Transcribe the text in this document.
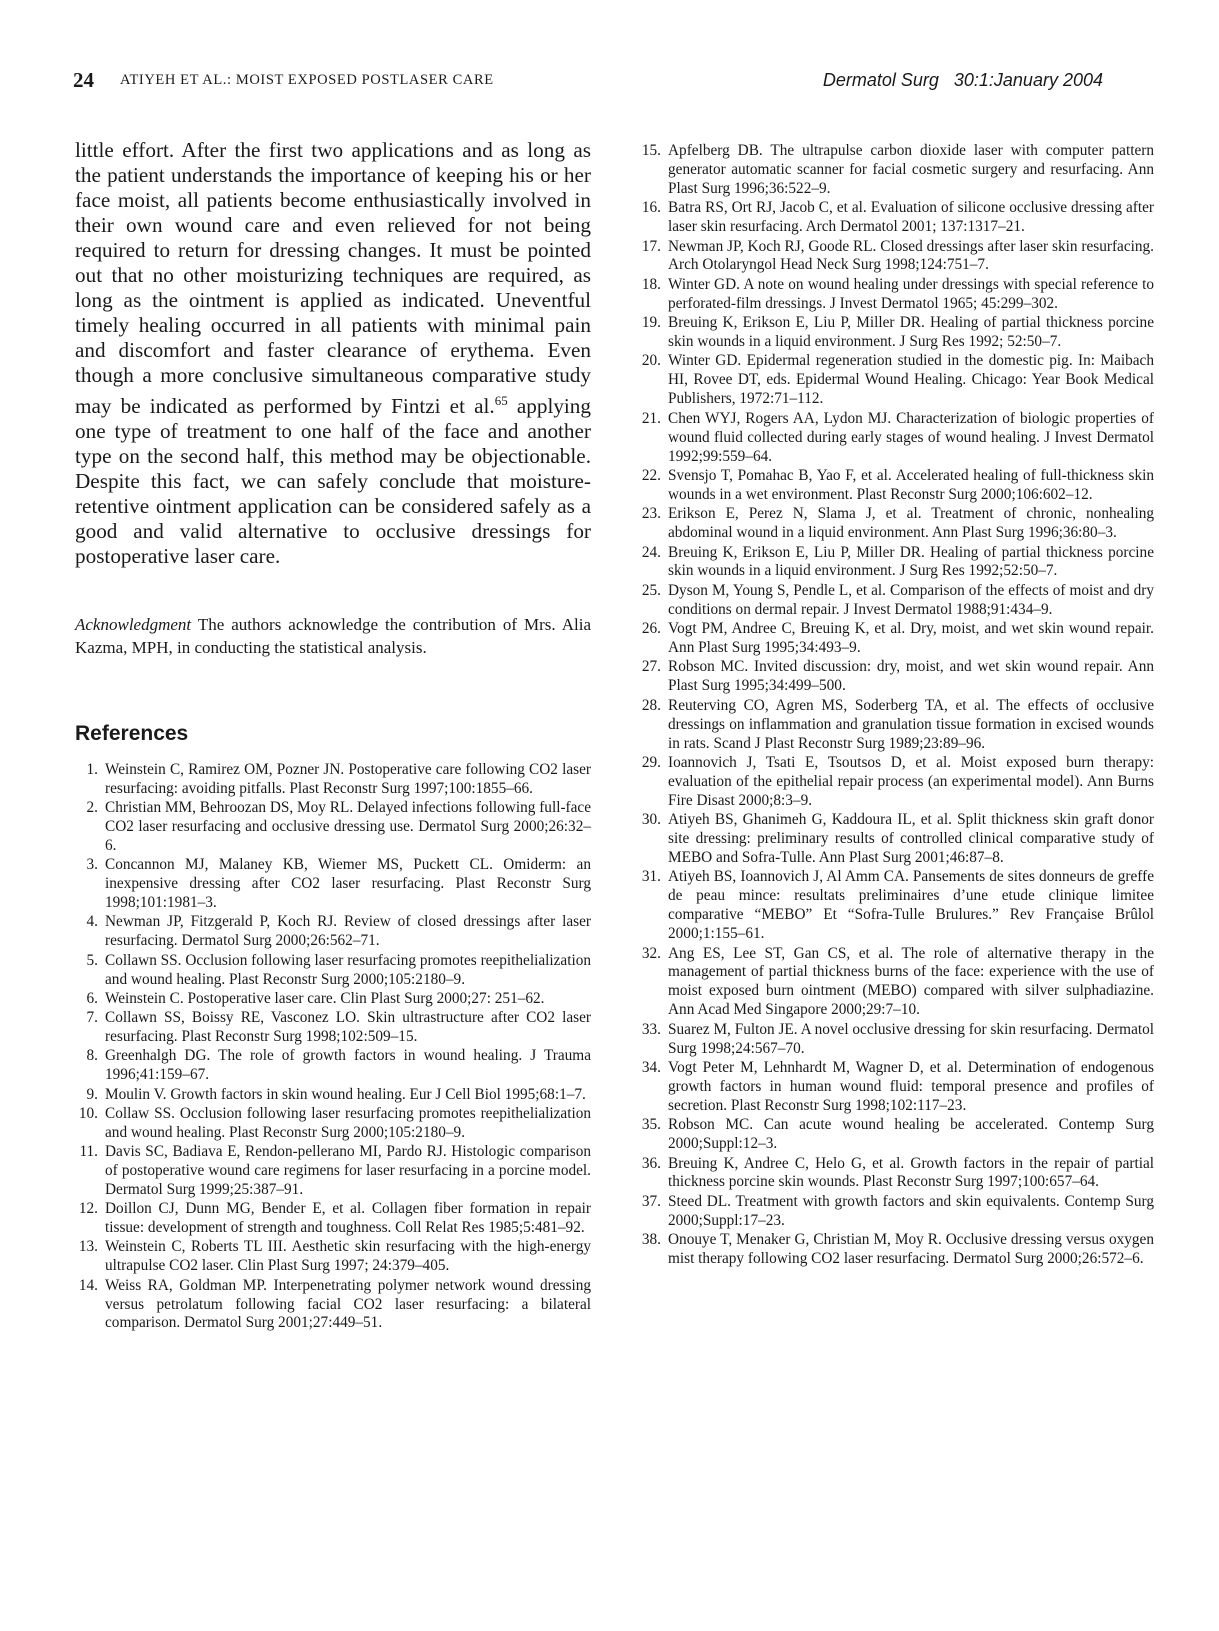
24 ATIYEH ET AL.: MOIST EXPOSED POSTLASER CARE	Dermatol Surg   30:1:January 2004

little effort. After the first two applications and as long as the patient understands the importance of keeping his or her face moist, all patients become enthusiastically involved in their own wound care and even relieved for not being required to return for dressing changes. It must be pointed out that no other moisturizing techniques are required, as long as the ointment is applied as indicated. Uneventful timely healing occurred in all patients with minimal pain and discomfort and faster clearance of erythema. Even though a more conclusive simultaneous comparative study may be indicated as performed by Fintzi et al.$^{65}$ applying one type of treatment to one half of the face and another type on the second half, this method may be objectionable. Despite this fact, we can safely conclude that moisture-retentive ointment application can be considered safely as a good and valid alternative to occlusive dressings for postoperative laser care.

Acknowledgment The authors acknowledge the contribution of Mrs. Alia Kazma, MPH, in conducting the statistical analysis.

References
1. Weinstein C, Ramirez OM, Pozner JN. Postoperative care following CO2 laser resurfacing: avoiding pitfalls. Plast Reconstr Surg 1997;100:1855–66.
2. Christian MM, Behroozan DS, Moy RL. Delayed infections following full-face CO2 laser resurfacing and occlusive dressing use. Dermatol Surg 2000;26:32–6.
3. Concannon MJ, Malaney KB, Wiemer MS, Puckett CL. Omiderm: an inexpensive dressing after CO2 laser resurfacing. Plast Reconstr Surg 1998;101:1981–3.
4. Newman JP, Fitzgerald P, Koch RJ. Review of closed dressings after laser resurfacing. Dermatol Surg 2000;26:562–71.
5. Collawn SS. Occlusion following laser resurfacing promotes reepithelialization and wound healing. Plast Reconstr Surg 2000;105:2180–9.
6. Weinstein C. Postoperative laser care. Clin Plast Surg 2000;27: 251–62.
7. Collawn SS, Boissy RE, Vasconez LO. Skin ultrastructure after CO2 laser resurfacing. Plast Reconstr Surg 1998;102:509–15.
8. Greenhalgh DG. The role of growth factors in wound healing. J Trauma 1996;41:159–67.
9. Moulin V. Growth factors in skin wound healing. Eur J Cell Biol 1995;68:1–7.
10. Collaw SS. Occlusion following laser resurfacing promotes reepithelialization and wound healing. Plast Reconstr Surg 2000;105:2180–9.
11. Davis SC, Badiava E, Rendon-pellerano MI, Pardo RJ. Histologic comparison of postoperative wound care regimens for laser resurfacing in a porcine model. Dermatol Surg 1999;25:387–91.
12. Doillon CJ, Dunn MG, Bender E, et al. Collagen fiber formation in repair tissue: development of strength and toughness. Coll Relat Res 1985;5:481–92.
13. Weinstein C, Roberts TL III. Aesthetic skin resurfacing with the high-energy ultrapulse CO2 laser. Clin Plast Surg 1997; 24:379–405.
14. Weiss RA, Goldman MP. Interpenetrating polymer network wound dressing versus petrolatum following facial CO2 laser resurfacing: a bilateral comparison. Dermatol Surg 2001;27:449–51.
15. Apfelberg DB. The ultrapulse carbon dioxide laser with computer pattern generator automatic scanner for facial cosmetic surgery and resurfacing. Ann Plast Surg 1996;36:522–9.
16. Batra RS, Ort RJ, Jacob C, et al. Evaluation of silicone occlusive dressing after laser skin resurfacing. Arch Dermatol 2001; 137:1317–21.
17. Newman JP, Koch RJ, Goode RL. Closed dressings after laser skin resurfacing. Arch Otolaryngol Head Neck Surg 1998;124:751–7.
18. Winter GD. A note on wound healing under dressings with special reference to perforated-film dressings. J Invest Dermatol 1965; 45:299–302.
19. Breuing K, Erikson E, Liu P, Miller DR. Healing of partial thickness porcine skin wounds in a liquid environment. J Surg Res 1992; 52:50–7.
20. Winter GD. Epidermal regeneration studied in the domestic pig. In: Maibach HI, Rovee DT, eds. Epidermal Wound Healing. Chicago: Year Book Medical Publishers, 1972:71–112.
21. Chen WYJ, Rogers AA, Lydon MJ. Characterization of biologic properties of wound fluid collected during early stages of wound healing. J Invest Dermatol 1992;99:559–64.
22. Svensjo T, Pomahac B, Yao F, et al. Accelerated healing of full-thickness skin wounds in a wet environment. Plast Reconstr Surg 2000;106:602–12.
23. Erikson E, Perez N, Slama J, et al. Treatment of chronic, nonhealing abdominal wound in a liquid environment. Ann Plast Surg 1996;36:80–3.
24. Breuing K, Erikson E, Liu P, Miller DR. Healing of partial thickness porcine skin wounds in a liquid environment. J Surg Res 1992;52:50–7.
25. Dyson M, Young S, Pendle L, et al. Comparison of the effects of moist and dry conditions on dermal repair. J Invest Dermatol 1988;91:434–9.
26. Vogt PM, Andree C, Breuing K, et al. Dry, moist, and wet skin wound repair. Ann Plast Surg 1995;34:493–9.
27. Robson MC. Invited discussion: dry, moist, and wet skin wound repair. Ann Plast Surg 1995;34:499–500.
28. Reuterving CO, Agren MS, Soderberg TA, et al. The effects of occlusive dressings on inflammation and granulation tissue formation in excised wounds in rats. Scand J Plast Reconstr Surg 1989;23:89–96.
29. Ioannovich J, Tsati E, Tsoutsos D, et al. Moist exposed burn therapy: evaluation of the epithelial repair process (an experimental model). Ann Burns Fire Disast 2000;8:3–9.
30. Atiyeh BS, Ghanimeh G, Kaddoura IL, et al. Split thickness skin graft donor site dressing: preliminary results of controlled clinical comparative study of MEBO and Sofra-Tulle. Ann Plast Surg 2001;46:87–8.
31. Atiyeh BS, Ioannovich J, Al Amm CA. Pansements de sites donneurs de greffe de peau mince: resultats preliminaires d’une etude clinique limitee comparative “MEBO” Et “Sofra-Tulle Brulures.” Rev Française Brûlol 2000;1:155–61.
32. Ang ES, Lee ST, Gan CS, et al. The role of alternative therapy in the management of partial thickness burns of the face: experience with the use of moist exposed burn ointment (MEBO) compared with silver sulphadiazine. Ann Acad Med Singapore 2000;29:7–10.
33. Suarez M, Fulton JE. A novel occlusive dressing for skin resurfacing. Dermatol Surg 1998;24:567–70.
34. Vogt Peter M, Lehnhardt M, Wagner D, et al. Determination of endogenous growth factors in human wound fluid: temporal presence and profiles of secretion. Plast Reconstr Surg 1998;102:117–23.
35. Robson MC. Can acute wound healing be accelerated. Contemp Surg 2000;Suppl:12–3.
36. Breuing K, Andree C, Helo G, et al. Growth factors in the repair of partial thickness porcine skin wounds. Plast Reconstr Surg 1997;100:657–64.
37. Steed DL. Treatment with growth factors and skin equivalents. Contemp Surg 2000;Suppl:17–23.
38. Onouye T, Menaker G, Christian M, Moy R. Occlusive dressing versus oxygen mist therapy following CO2 laser resurfacing. Dermatol Surg 2000;26:572–6.
